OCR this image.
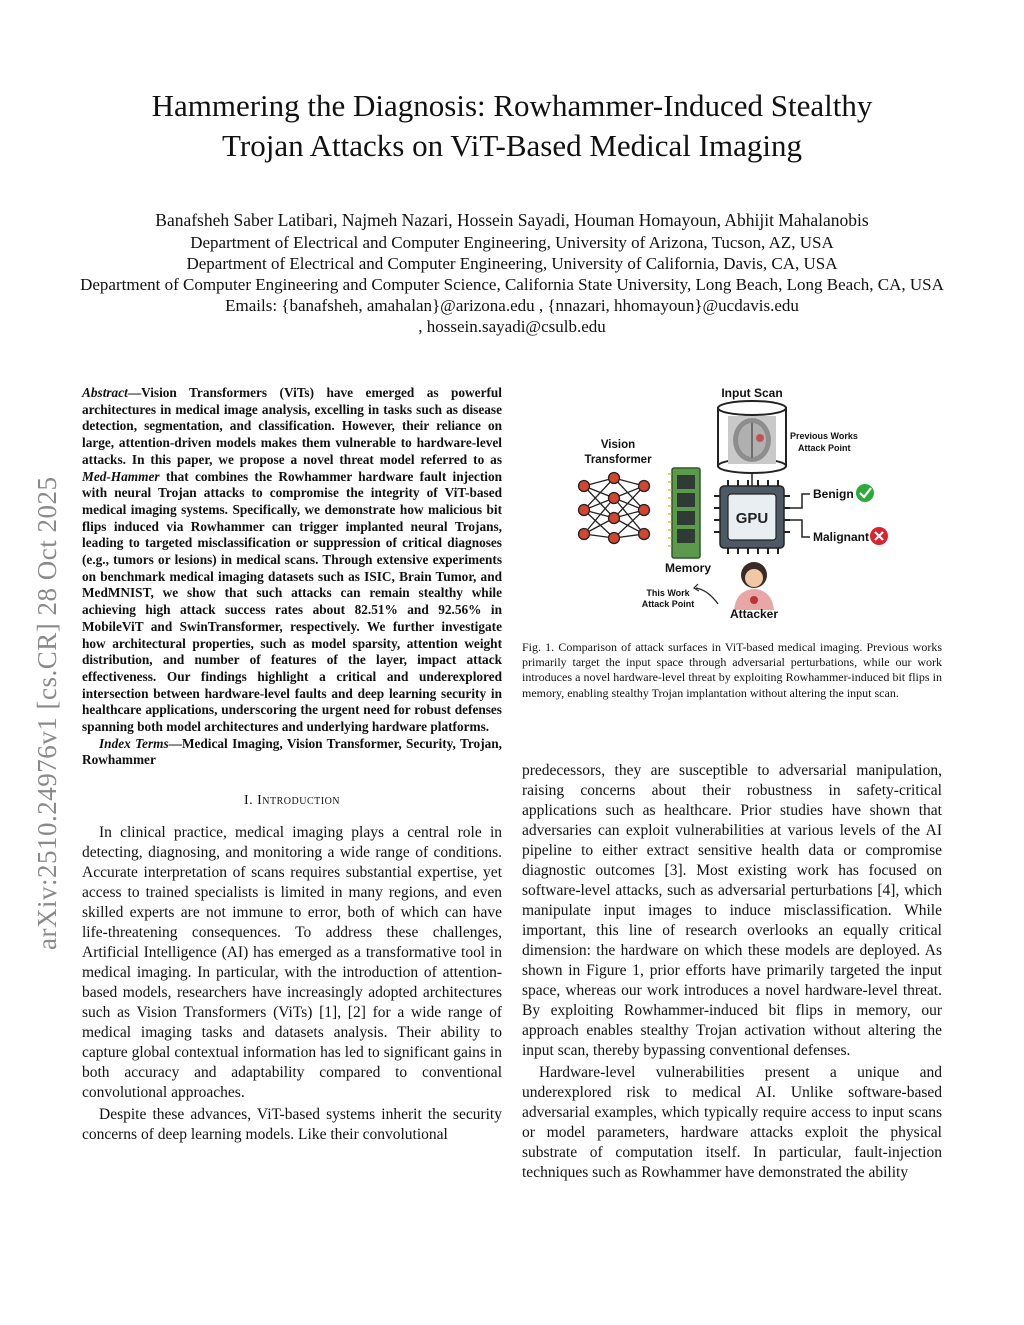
Hammering the Diagnosis: Rowhammer-Induced Stealthy
Trojan Attacks on ViT-Based Medical Imaging
Banafsheh Saber Latibari, Najmeh Nazari, Hossein Sayadi, Houman Homayoun, Abhijit Mahalanobis
Department of Electrical and Computer Engineering, University of Arizona, Tucson, AZ, USA
Department of Electrical and Computer Engineering, University of California, Davis, CA, USA
Department of Computer Engineering and Computer Science, California State University, Long Beach, Long Beach, CA, USA
Emails: {banafsheh, amahalan}@arizona.edu , {nnazari, hhomayoun}@ucdavis.edu
, hossein.sayadi@csulb.edu
arXiv:2510.24976v1 [cs.CR] 28 Oct 2025

Abstract—Vision Transformers (ViTs) have emerged as powerful architectures in medical image analysis, excelling in tasks such as disease detection, segmentation, and classification. However, their reliance on large, attention-driven models makes them vulnerable to hardware-level attacks. In this paper, we propose a novel threat model referred to as Med-Hammer that combines the Rowhammer hardware fault injection with neural Trojan attacks to compromise the integrity of ViT-based medical imaging systems. Specifically, we demonstrate how malicious bit flips induced via Rowhammer can trigger implanted neural Trojans, leading to targeted misclassification or suppression of critical diagnoses (e.g., tumors or lesions) in medical scans. Through extensive experiments on benchmark medical imaging datasets such as ISIC, Brain Tumor, and MedMNIST, we show that such attacks can remain stealthy while achieving high attack success rates about 82.51% and 92.56% in MobileViT and SwinTransformer, respectively. We further investigate how architectural properties, such as model sparsity, attention weight distribution, and number of features of the layer, impact attack effectiveness. Our findings highlight a critical and underexplored intersection between hardware-level faults and deep learning security in healthcare applications, underscoring the urgent need for robust defenses spanning both model architectures and underlying hardware platforms.

Index Terms—Medical Imaging, Vision Transformer, Security, Trojan, Rowhammer

I. Introduction

In clinical practice, medical imaging plays a central role in detecting, diagnosing, and monitoring a wide range of conditions. Accurate interpretation of scans requires substantial expertise, yet access to trained specialists is limited in many regions, and even skilled experts are not immune to error, both of which can have life-threatening consequences. To address these challenges, Artificial Intelligence (AI) has emerged as a transformative tool in medical imaging. In particular, with the introduction of attention-based models, researchers have increasingly adopted architectures such as Vision Transformers (ViTs) [1], [2] for a wide range of medical imaging tasks and datasets analysis. Their ability to capture global contextual information has led to significant gains in both accuracy and adaptability compared to conventional convolutional approaches.

Despite these advances, ViT-based systems inherit the security concerns of deep learning models. Like their convolutional

Input Scan
Previous Works
Attack Point
Vision
Transformer
Memory
GPU
Benign
Malignant
Attacker
This Work
Attack Point
Fig. 1. Comparison of attack surfaces in ViT-based medical imaging. Previous works primarily target the input space through adversarial perturbations, while our work introduces a novel hardware-level threat by exploiting Rowhammer-induced bit flips in memory, enabling stealthy Trojan implantation without altering the input scan.

predecessors, they are susceptible to adversarial manipulation, raising concerns about their robustness in safety-critical applications such as healthcare. Prior studies have shown that adversaries can exploit vulnerabilities at various levels of the AI pipeline to either extract sensitive health data or compromise diagnostic outcomes [3]. Most existing work has focused on software-level attacks, such as adversarial perturbations [4], which manipulate input images to induce misclassification. While important, this line of research overlooks an equally critical dimension: the hardware on which these models are deployed. As shown in Figure 1, prior efforts have primarily targeted the input space, whereas our work introduces a novel hardware-level threat. By exploiting Rowhammer-induced bit flips in memory, our approach enables stealthy Trojan activation without altering the input scan, thereby bypassing conventional defenses.

Hardware-level vulnerabilities present a unique and underexplored risk to medical AI. Unlike software-based adversarial examples, which typically require access to input scans or model parameters, hardware attacks exploit the physical substrate of computation itself. In particular, fault-injection techniques such as Rowhammer have demonstrated the ability
